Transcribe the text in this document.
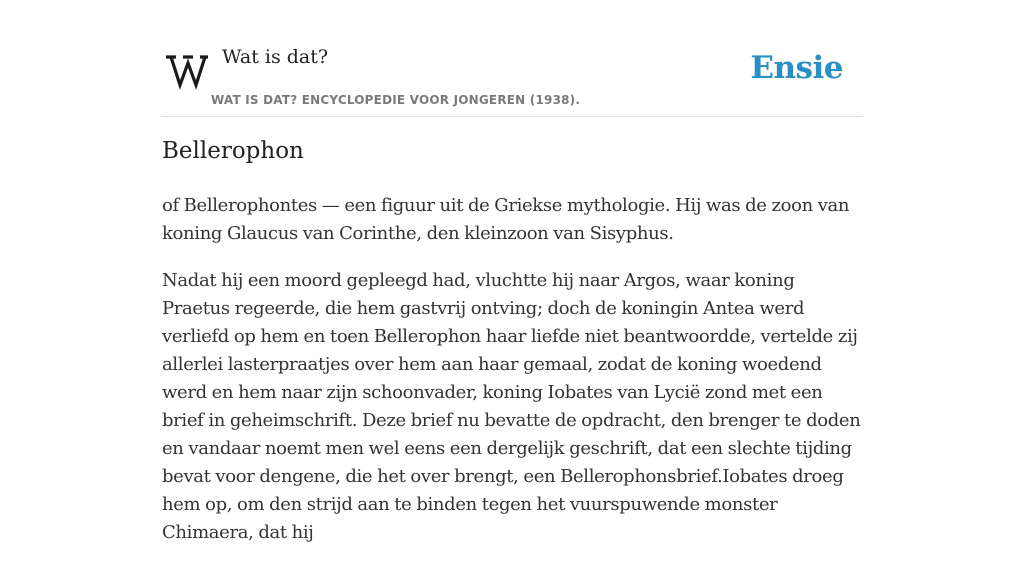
Wat is dat?
WAT IS DAT? ENCYCLOPEDIE VOOR JONGEREN (1938).
Ensie
Bellerophon

of Bellerophontes — een figuur uit de Griekse mythologie. Hij was de zoon van koning Glaucus van Corinthe, den kleinzoon van Sisyphus.

Nadat hij een moord gepleegd had, vluchtte hij naar Argos, waar koning Praetus regeerde, die hem gastvrij ontving; doch de koningin Antea werd verliefd op hem en toen Bellerophon haar liefde niet beantwoordde, vertelde zij allerlei lasterpraatjes over hem aan haar gemaal, zodat de koning woedend werd en hem naar zijn schoonvader, koning Iobates van Lycië zond met een brief in geheimschrift. Deze brief nu bevatte de opdracht, den brenger te doden en vandaar noemt men wel eens een dergelijk geschrift, dat een slechte tijding bevat voor dengene, die het over brengt, een Bellerophonsbrief.Iobates droeg hem op, om den strijd aan te binden tegen het vuurspuwende monster Chimaera, dat hij
